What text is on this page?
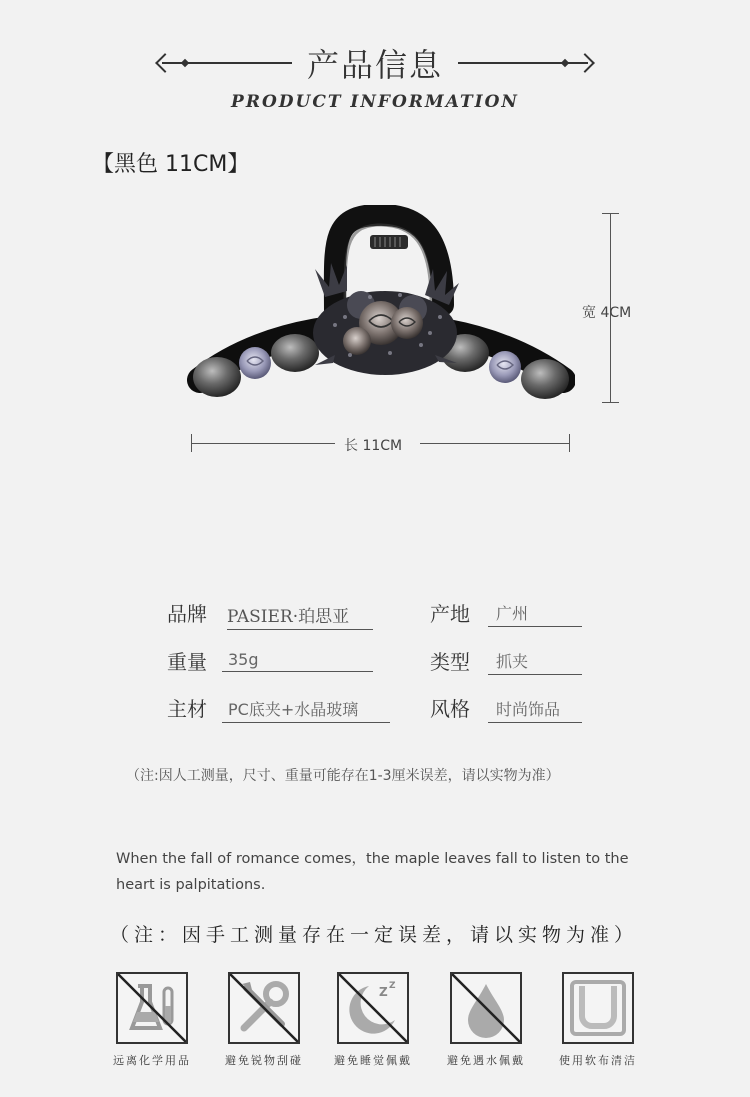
产品信息
PRODUCT INFORMATION
【黑色 11CM】
宽 4CM
长 11CM
品牌 PASIER·珀思亚	产地	广州
重量	35g	类型	抓夹
主材	PC底夹+水晶玻璃	风格	时尚饰品
（注:因人工测量，尺寸、重量可能存在1-3厘米误差，请以实物为准）
When the fall of romance comes，the maple leaves fall to listen to the heart is palpitations.
（注：因手工测量存在一定误差，请以实物为准）
远离化学用品	避免锐物刮碰
Z Z
避免睡觉佩戴	避免遇水佩戴	使用软布清洁
